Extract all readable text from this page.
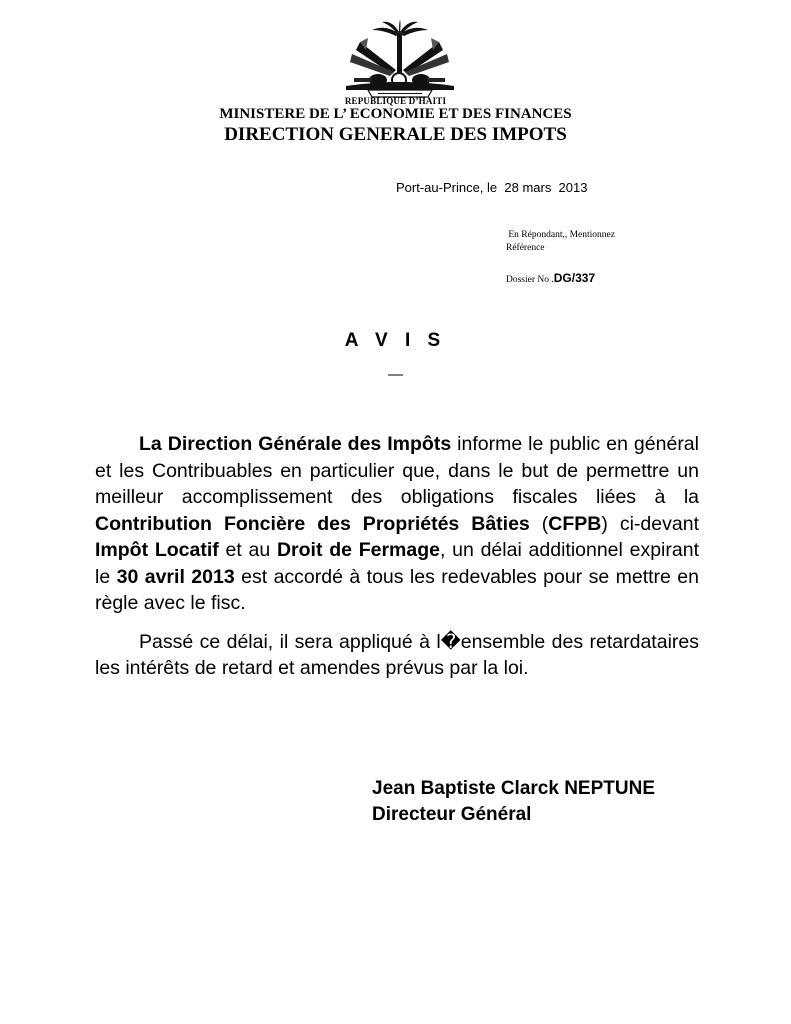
REPUBLIQUE D’HAITI
MINISTERE DE L’ ECONOMIE ET DES FINANCES
DIRECTION GENERALE DES IMPOTS
Port-au-Prince, le  28 mars  2013
En Répondant,, Mentionnez
Référence
Dossier No .DG/337
A V I S
—

La Direction Générale des Impôts informe le public en général et les Contribuables en particulier que, dans le but de permettre un meilleur accomplissement des obligations fiscales liées à la Contribution Foncière des Propriétés Bâties (CFPB) ci-devant Impôt Locatif et au Droit de Fermage, un délai additionnel expirant le 30 avril 2013 est accordé à tous les redevables pour se mettre en règle avec le fisc.

Passé ce délai, il sera appliqué à l�ensemble des retardataires les intérêts de retard et amendes prévus par la loi.

Jean Baptiste Clarck NEPTUNE
Directeur Général
